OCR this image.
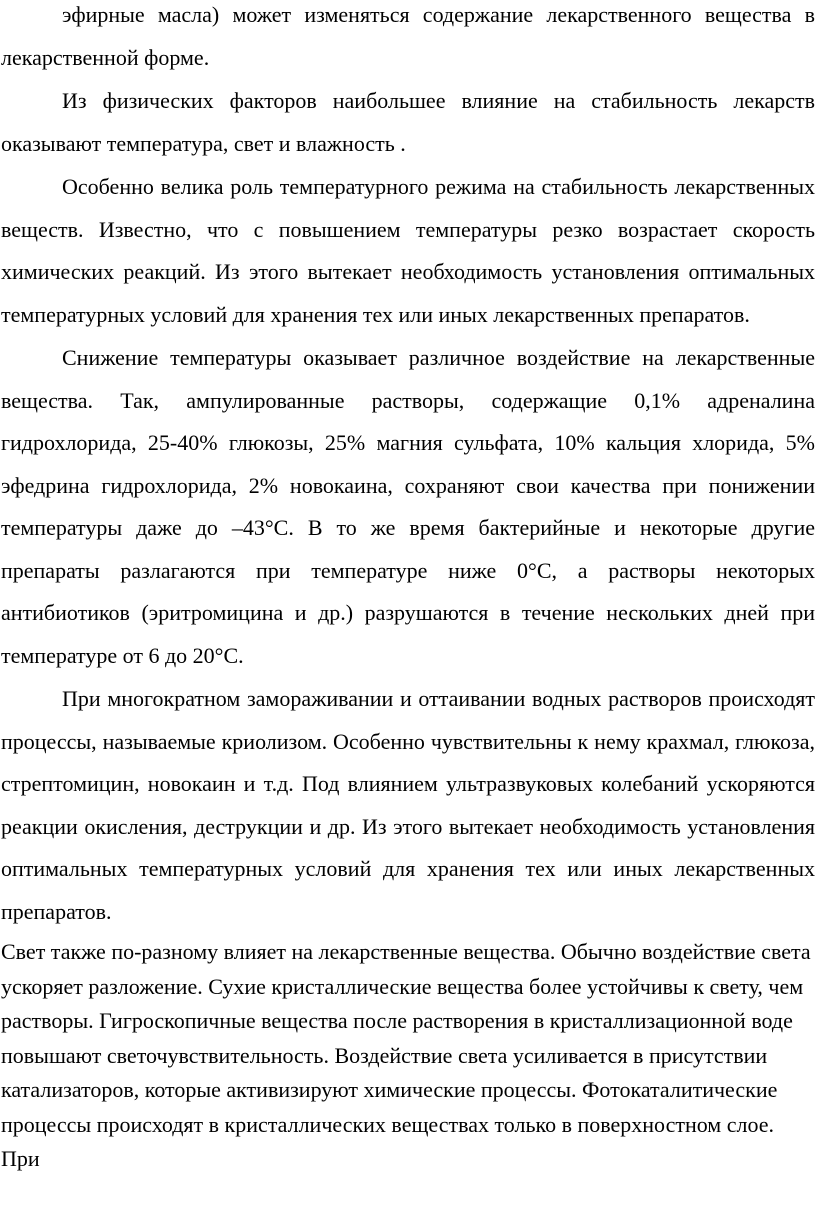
эфирные масла) может изменяться содержание лекарственного вещества в лекарственной форме.

Из физических факторов наибольшее влияние на стабильность лекарств оказывают температура, свет и влажность .

Особенно велика роль температурного режима на стабильность лекарственных веществ. Известно, что с повышением температуры резко возрастает скорость химических реакций. Из этого вытекает необходимость установления оптимальных температурных условий для хранения тех или иных лекарственных препаратов.

Снижение температуры оказывает различное воздействие на лекарственные вещества. Так, ампулированные растворы, содержащие 0,1% адреналина гидрохлорида, 25-40% глюкозы, 25% магния сульфата, 10% кальция хлорида, 5% эфедрина гидрохлорида, 2% новокаина, сохраняют свои качества при понижении температуры даже до –43°С. В то же время бактерийные и некоторые другие препараты разлагаются при температуре ниже 0°С, а растворы некоторых антибиотиков (эритромицина и др.) разрушаются в течение нескольких дней при температуре от 6 до 20°С.

При многократном замораживании и оттаивании водных растворов происходят процессы, называемые криолизом. Особенно чувствительны к нему крахмал, глюкоза, стрептомицин, новокаин и т.д. Под влиянием ультразвуковых колебаний ускоряются реакции окисления, деструкции и др. Из этого вытекает необходимость установления оптимальных температурных условий для хранения тех или иных лекарственных препаратов.

Свет также по-разному влияет на лекарственные вещества. Обычно воздействие света ускоряет разложение. Сухие кристаллические вещества более устойчивы к свету, чем растворы. Гигроскопичные вещества после растворения в кристаллизационной воде повышают светочувствительность. Воздействие света усиливается в присутствии катализаторов, которые активизируют химические процессы. Фотокаталитические процессы происходят в кристаллических веществах только в поверхностном слое. При
